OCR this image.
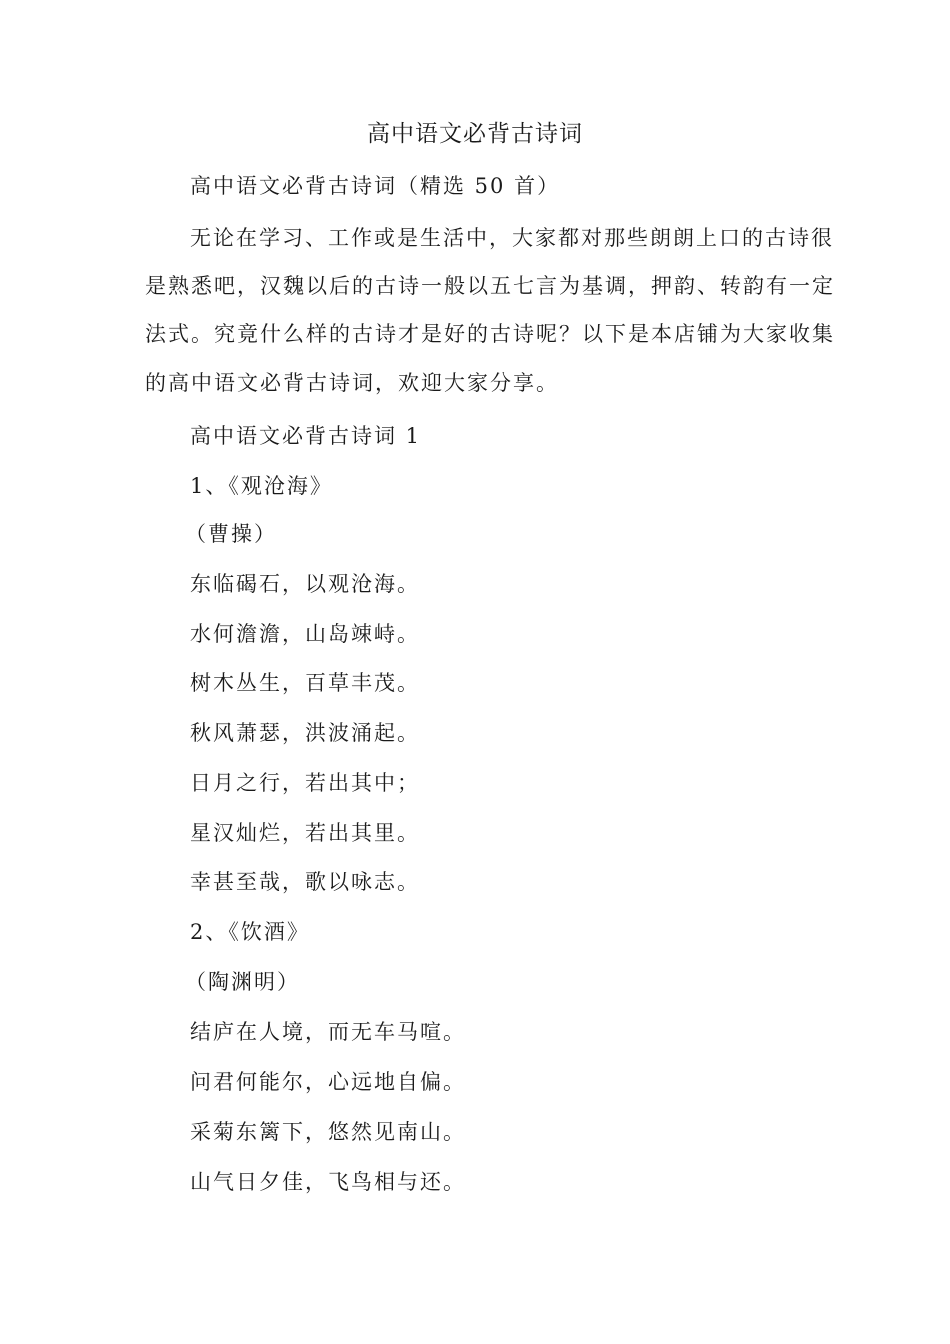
高中语文必背古诗词
高中语文必背古诗词（精选 50 首）
无论在学习、工作或是生活中，大家都对那些朗朗上口的古诗很
是熟悉吧，汉魏以后的古诗一般以五七言为基调，押韵、转韵有一定
法式。究竟什么样的古诗才是好的古诗呢？以下是本店铺为大家收集
的高中语文必背古诗词，欢迎大家分享。
高中语文必背古诗词 1
1、《观沧海》
（曹操）
东临碣石，以观沧海。
水何澹澹，山岛竦峙。
树木丛生，百草丰茂。
秋风萧瑟，洪波涌起。
日月之行，若出其中；
星汉灿烂，若出其里。
幸甚至哉，歌以咏志。
2、《饮酒》
（陶渊明）
结庐在人境，而无车马喧。
问君何能尔，心远地自偏。
采菊东篱下，悠然见南山。
山气日夕佳，飞鸟相与还。
